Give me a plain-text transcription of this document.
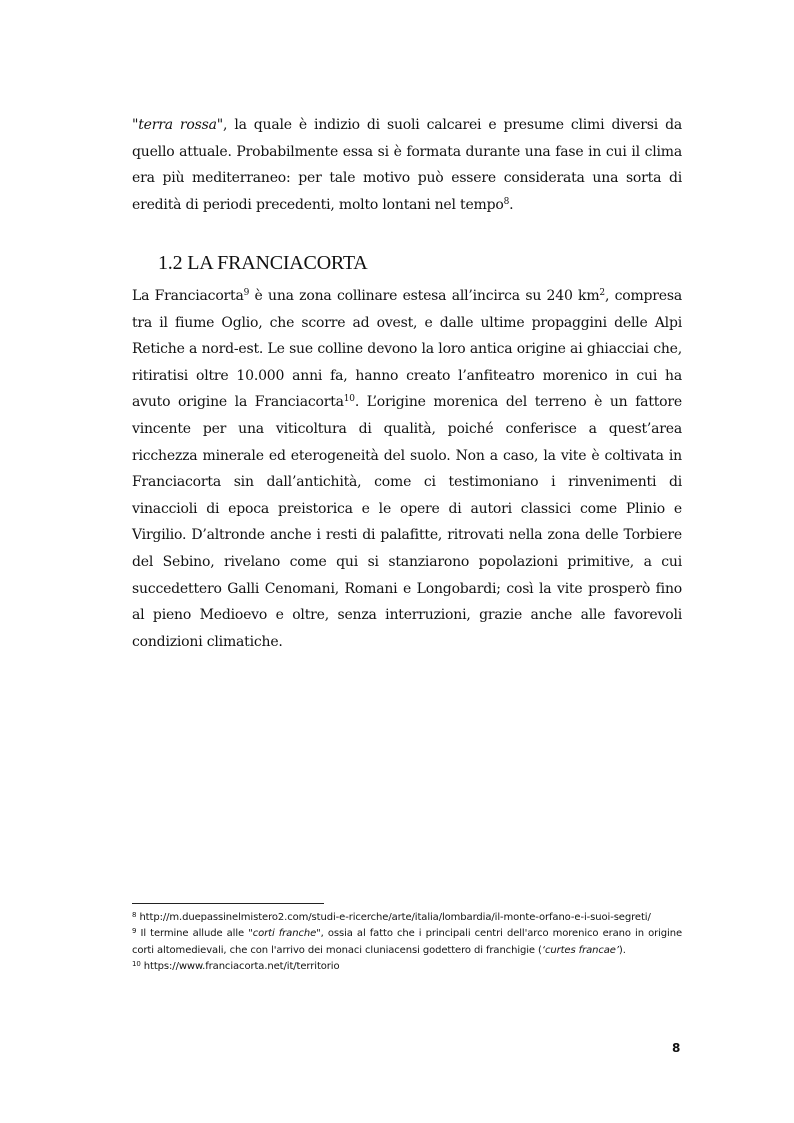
"terra rossa", la quale è indizio di suoli calcarei e presume climi diversi da quello attuale. Probabilmente essa si è formata durante una fase in cui il clima era più mediterraneo: per tale motivo può essere considerata una sorta di eredità di periodi precedenti, molto lontani nel tempo$^8$.

1.2 LA FRANCIACORTA

La Franciacorta$^9$ è una zona collinare estesa all’incirca su 240 $km^2$, compresa tra il fiume Oglio, che scorre ad ovest, e dalle ultime propaggini delle Alpi Retiche a nord-est. Le sue colline devono la loro antica origine ai ghiacciai che, ritiratisi oltre 10.000 anni fa, hanno creato l’anfiteatro morenico in cui ha avuto origine la Franciacorta$^{10}$. L’origine morenica del terreno è un fattore vincente per una viticoltura di qualità, poiché conferisce a quest’area ricchezza minerale ed eterogeneità del suolo. Non a caso, la vite è coltivata in Franciacorta sin dall’antichità, come ci testimoniano i rinvenimenti di vinaccioli di epoca preistorica e le opere di autori classici come Plinio e Virgilio. D’altronde anche i resti di palafitte, ritrovati nella zona delle Torbiere del Sebino, rivelano come qui si stanziarono popolazioni primitive, a cui succedettero Galli Cenomani, Romani e Longobardi; così la vite prosperò fino al pieno Medioevo e oltre, senza interruzioni, grazie anche alle favorevoli condizioni climatiche.

$^8$ http://m.duepassinelmistero2.com/studi-e-ricerche/arte/italia/lombardia/il-monte-orfano-e-i-suoi-segreti/

$^9$ Il termine allude alle "corti franche", ossia al fatto che i principali centri dell'arco morenico erano in origine corti altomedievali, che con l'arrivo dei monaci cluniacensi godettero di franchigie (‘curtes francae’).

$^{10}$ https://www.franciacorta.net/it/territorio

8
